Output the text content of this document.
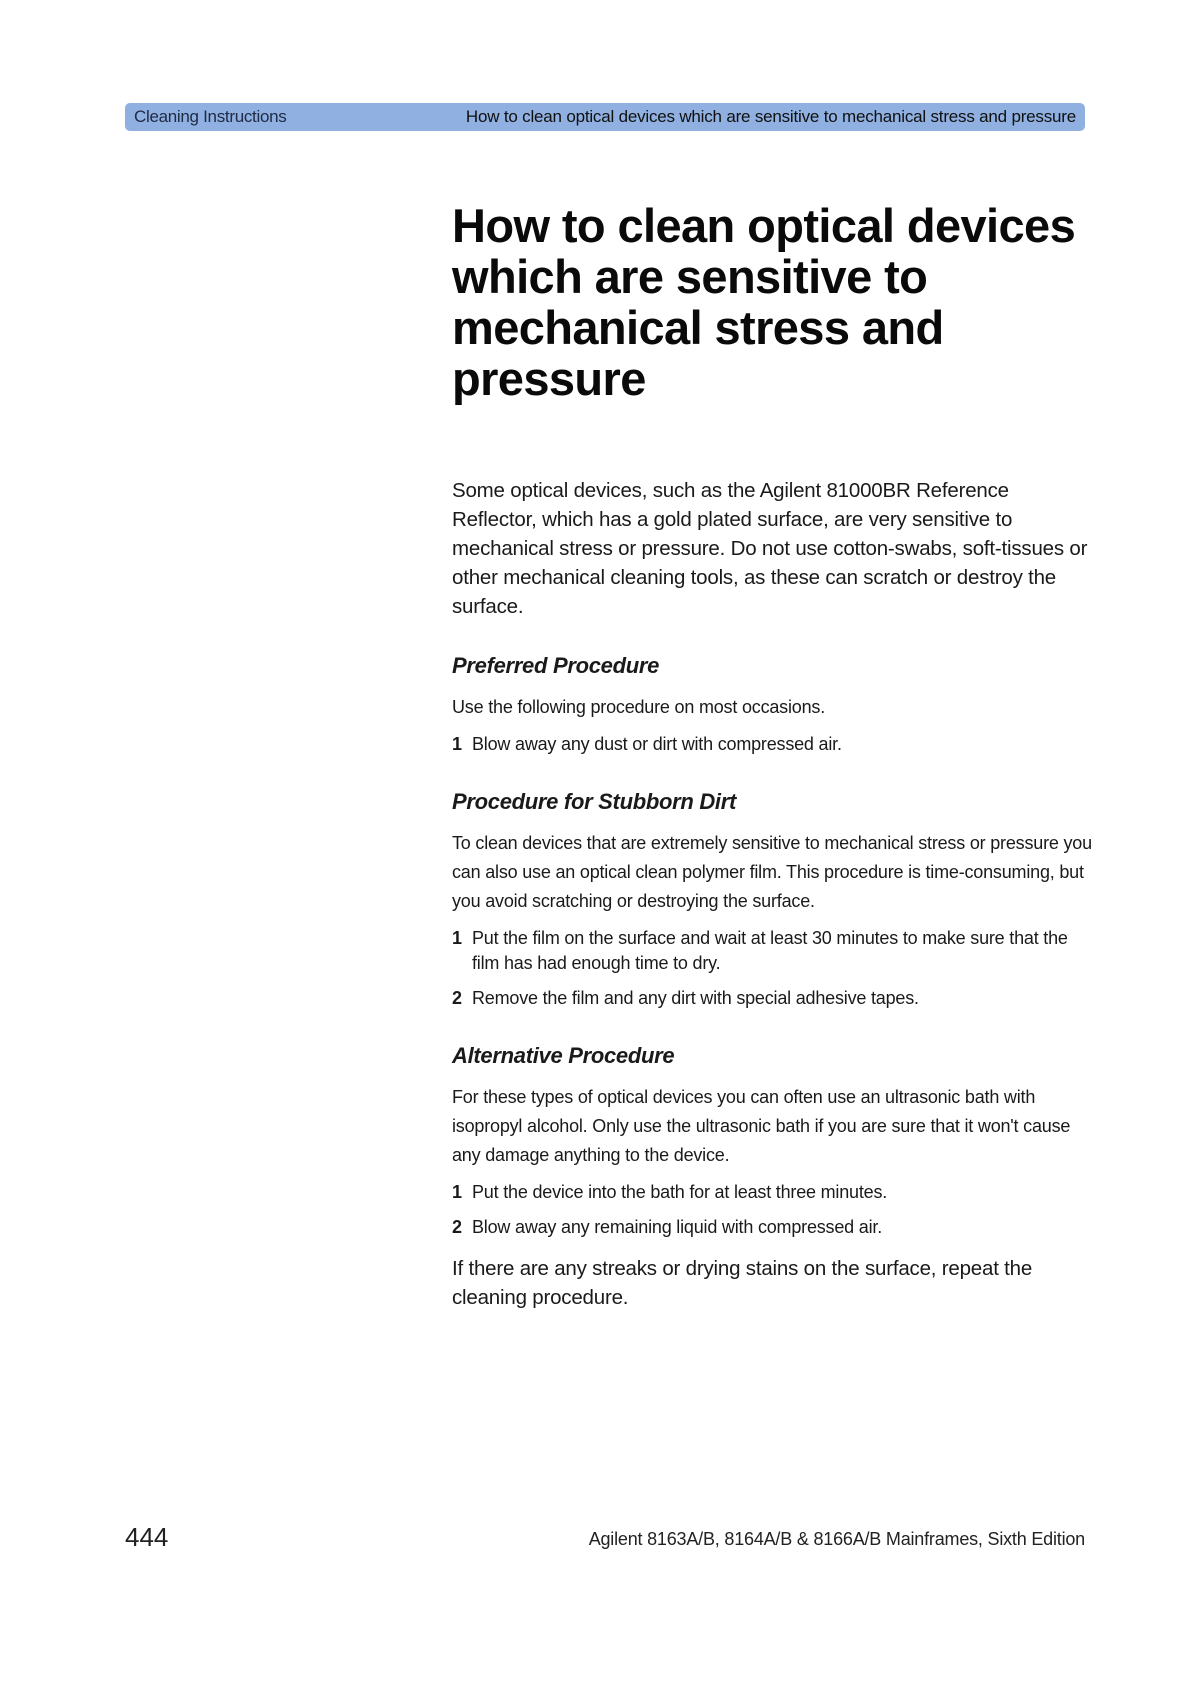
Cleaning Instructions	How to clean optical devices which are sensitive to mechanical stress and pressure
How to clean optical devices which are sensitive to mechanical stress and pressure

Some optical devices, such as the Agilent 81000BR Reference Reflector, which has a gold plated surface, are very sensitive to mechanical stress or pressure. Do not use cotton-swabs, soft-tissues or other mechanical cleaning tools, as these can scratch or destroy the surface.

Preferred Procedure

Use the following procedure on most occasions.

1 Blow away any dust or dirt with compressed air.
Procedure for Stubborn Dirt

To clean devices that are extremely sensitive to mechanical stress or pressure you can also use an optical clean polymer film. This procedure is time-consuming, but you avoid scratching or destroying the surface.

1 Put the film on the surface and wait at least 30 minutes to make sure that the film has had enough time to dry.
2 Remove the film and any dirt with special adhesive tapes.
Alternative Procedure

For these types of optical devices you can often use an ultrasonic bath with isopropyl alcohol. Only use the ultrasonic bath if you are sure that it won't cause any damage anything to the device.

1 Put the device into the bath for at least three minutes.
2 Blow away any remaining liquid with compressed air.

If there are any streaks or drying stains on the surface, repeat the cleaning procedure.

444	Agilent 8163A/B, 8164A/B & 8166A/B Mainframes, Sixth Edition
